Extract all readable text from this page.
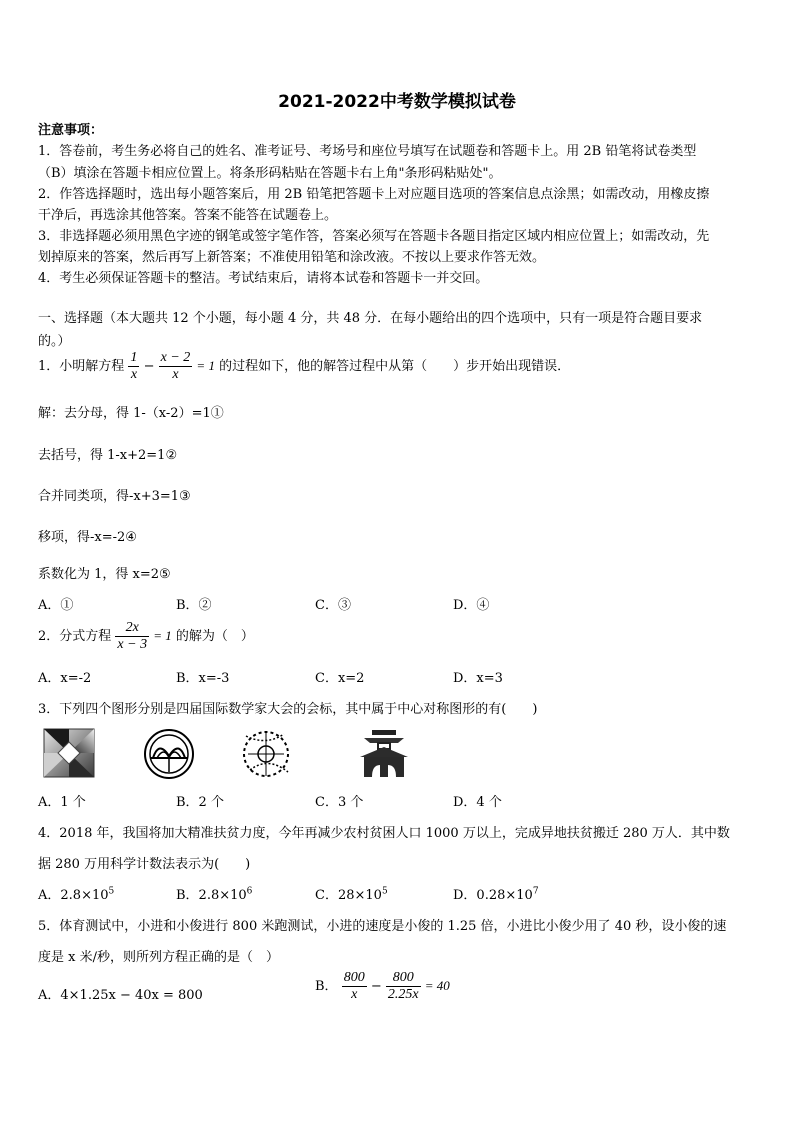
2021-2022中考数学模拟试卷
注意事项：
1．答卷前，考生务必将自己的姓名、准考证号、考场号和座位号填写在试题卷和答题卡上。用 2B 铅笔将试卷类型
（B）填涂在答题卡相应位置上。将条形码粘贴在答题卡右上角"条形码粘贴处"。
2．作答选择题时，选出每小题答案后，用 2B 铅笔把答题卡上对应题目选项的答案信息点涂黑；如需改动，用橡皮擦
干净后，再选涂其他答案。答案不能答在试题卷上。
3．非选择题必须用黑色字迹的钢笔或签字笔作答，答案必须写在答题卡各题目指定区域内相应位置上；如需改动，先
划掉原来的答案，然后再写上新答案；不准使用铅笔和涂改液。不按以上要求作答无效。
4．考生必须保证答题卡的整洁。考试结束后，请将本试卷和答题卡一并交回。
一、选择题（本大题共 12 个小题，每小题 4 分，共 48 分．在每小题给出的四个选项中，只有一项是符合题目要求
的。）
1．小明解方程 $\frac{1}{x} - \frac{x - 2}{x} = 1$ 的过程如下，他的解答过程中从第（　　）步开始出现错误．
解：去分母，得 1-（x-2）=1①
去括号，得 1-x+2=1②
合并同类项，得-x+3=1③
移项，得-x=-2④
系数化为 1，得 x=2⑤
A．①	B．②	C．③	D．④
2．分式方程 $\frac{2x}{x - 3} = 1$ 的解为（　）
A．x=-2	B．x=-3	C．x=2	D．x=3
3．下列四个图形分别是四届国际数学家大会的会标，其中属于中心对称图形的有(　　)
A．1 个	B．2 个	C．3 个	D．4 个
4．2018 年，我国将加大精准扶贫力度，今年再减少农村贫困人口 1000 万以上，完成异地扶贫搬迁 280 万人．其中数
据 280 万用科学计数法表示为(　　)
A．$2.8\times 10^5$	B．$2.8\times 10^6$	C．$28\times 10^5$	D．$0.28\times 10^7$
5．体育测试中，小进和小俊进行 800 米跑测试，小进的速度是小俊的 1.25 倍，小进比小俊少用了 40 秒，设小俊的速
度是 x 米/秒，则所列方程正确的是（　）
A．4×1.25x − 40x = 800
B． $\frac{800}{x} - \frac{800}{2.25x} = 40$
